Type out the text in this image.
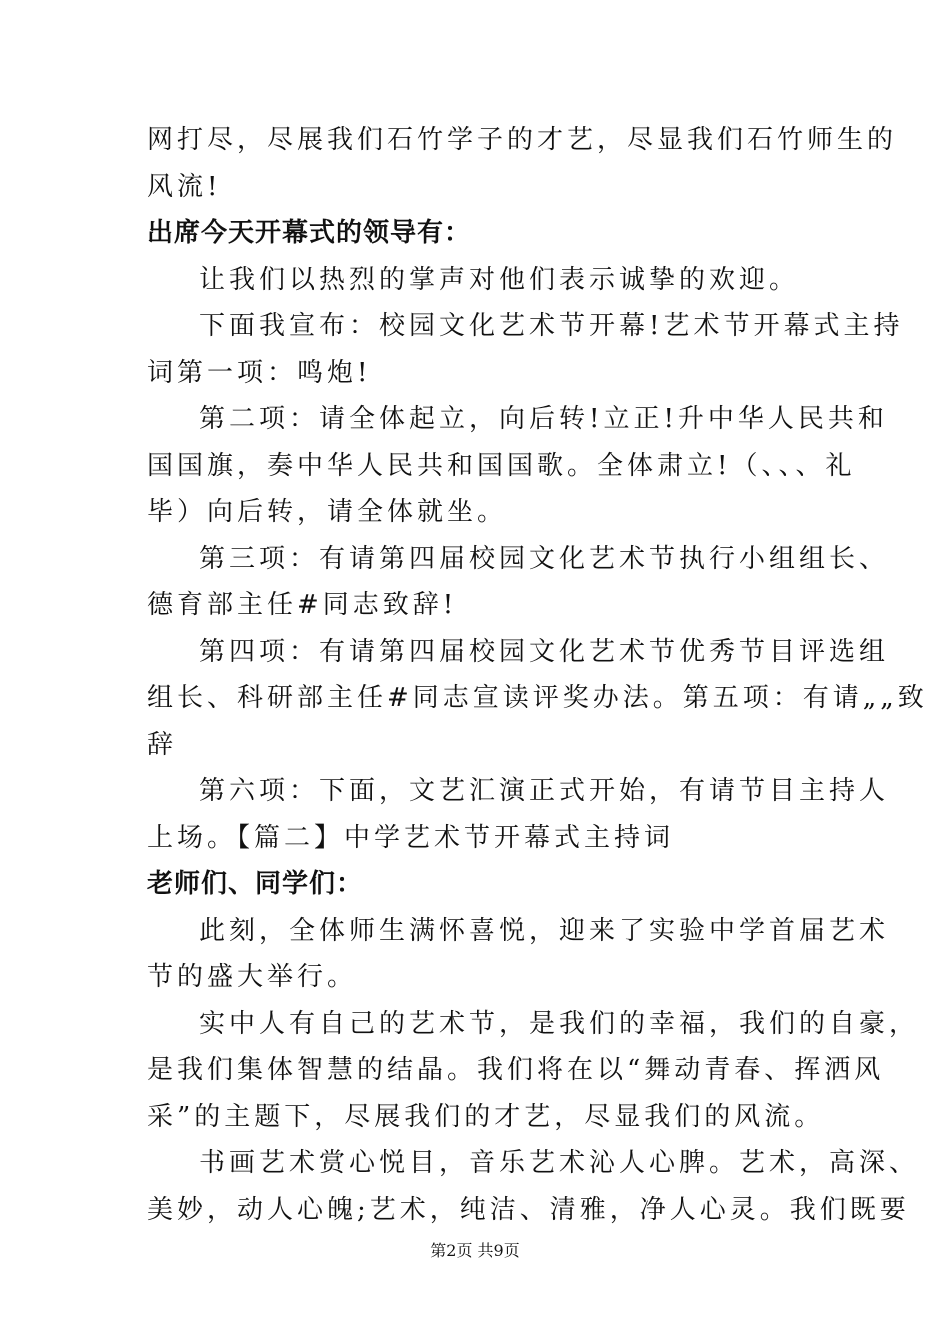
网打尽，尽展我们石竹学子的才艺，尽显我们石竹师生的
风流!
出席今天开幕式的领导有：
让我们以热烈的掌声对他们表示诚挚的欢迎。
下面我宣布：校园文化艺术节开幕!艺术节开幕式主持
词第一项：鸣炮!
第二项：请全体起立，向后转!立正!升中华人民共和
国国旗，奏中华人民共和国国歌。全体肃立!（、、、礼
毕）向后转，请全体就坐。
第三项：有请第四届校园文化艺术节执行小组组长、
德育部主任#同志致辞!
第四项：有请第四届校园文化艺术节优秀节目评选组
组长、科研部主任#同志宣读评奖办法。第五项：有请„„致
辞
第六项：下面，文艺汇演正式开始，有请节目主持人
上场。【篇二】中学艺术节开幕式主持词
老师们、同学们：
此刻，全体师生满怀喜悦，迎来了实验中学首届艺术
节的盛大举行。
实中人有自己的艺术节，是我们的幸福，我们的自豪，
是我们集体智慧的结晶。我们将在以“舞动青春、挥洒风
采”的主题下，尽展我们的才艺，尽显我们的风流。
书画艺术赏心悦目，音乐艺术沁人心脾。艺术，高深、
美妙，动人心魄;艺术，纯洁、清雅，净人心灵。我们既要
第2页 共9页
